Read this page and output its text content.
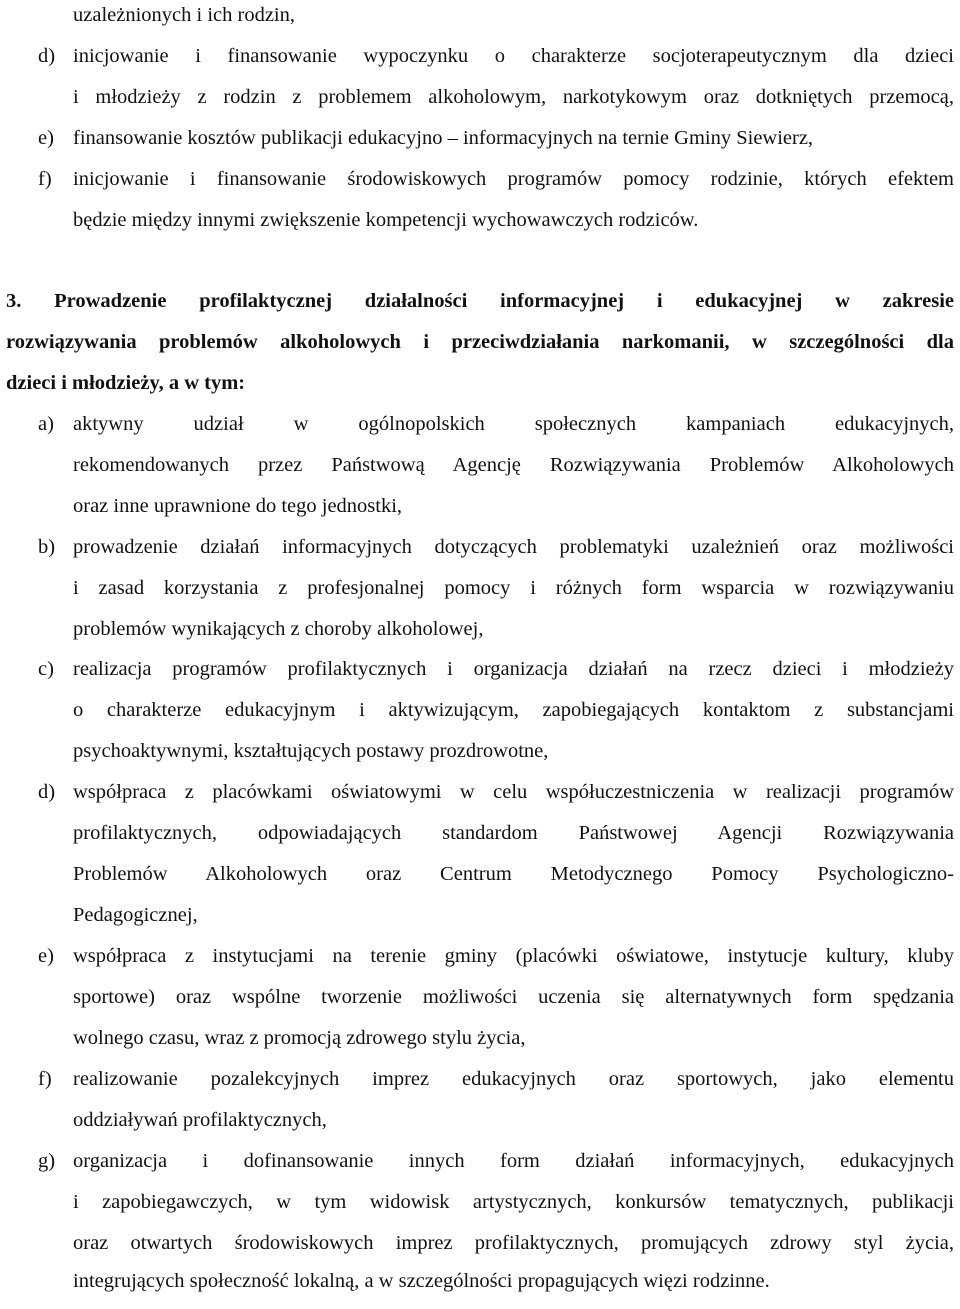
uzależnionych i ich rodzin,
d) inicjowanie i finansowanie wypoczynku o charakterze socjoterapeutycznym dla dzieci
i młodzieży z rodzin z problemem alkoholowym, narkotykowym oraz dotkniętych przemocą,
e) finansowanie kosztów publikacji edukacyjno – informacyjnych na ternie Gminy Siewierz,
f) inicjowanie i finansowanie środowiskowych programów pomocy rodzinie, których efektem
będzie między innymi zwiększenie kompetencji wychowawczych rodziców.
3. Prowadzenie profilaktycznej działalności informacyjnej i edukacyjnej w zakresie
rozwiązywania problemów alkoholowych i przeciwdziałania narkomanii, w szczególności dla
dzieci i młodzieży, a w tym:
a) aktywny udział w ogólnopolskich społecznych kampaniach edukacyjnych,
rekomendowanych przez Państwową Agencję Rozwiązywania Problemów Alkoholowych
oraz inne uprawnione do tego jednostki,
b) prowadzenie działań informacyjnych dotyczących problematyki uzależnień oraz możliwości
i zasad korzystania z profesjonalnej pomocy i różnych form wsparcia w rozwiązywaniu
problemów wynikających z choroby alkoholowej,
c) realizacja programów profilaktycznych i organizacja działań na rzecz dzieci i młodzieży
o charakterze edukacyjnym i aktywizującym, zapobiegających kontaktom z substancjami
psychoaktywnymi, kształtujących postawy prozdrowotne,
d) współpraca z placówkami oświatowymi w celu współuczestniczenia w realizacji programów
profilaktycznych, odpowiadających standardom Państwowej Agencji Rozwiązywania
Problemów Alkoholowych oraz Centrum Metodycznego Pomocy Psychologiczno-
Pedagogicznej,
e) współpraca z instytucjami na terenie gminy (placówki oświatowe, instytucje kultury, kluby
sportowe) oraz wspólne tworzenie możliwości uczenia się alternatywnych form spędzania
wolnego czasu, wraz z promocją zdrowego stylu życia,
f) realizowanie pozalekcyjnych imprez edukacyjnych oraz sportowych, jako elementu
oddziaływań profilaktycznych,
g) organizacja i dofinansowanie innych form działań informacyjnych, edukacyjnych
i zapobiegawczych, w tym widowisk artystycznych, konkursów tematycznych, publikacji
oraz otwartych środowiskowych imprez profilaktycznych, promujących zdrowy styl życia,
integrujących społeczność lokalną, a w szczególności propagujących więzi rodzinne.
